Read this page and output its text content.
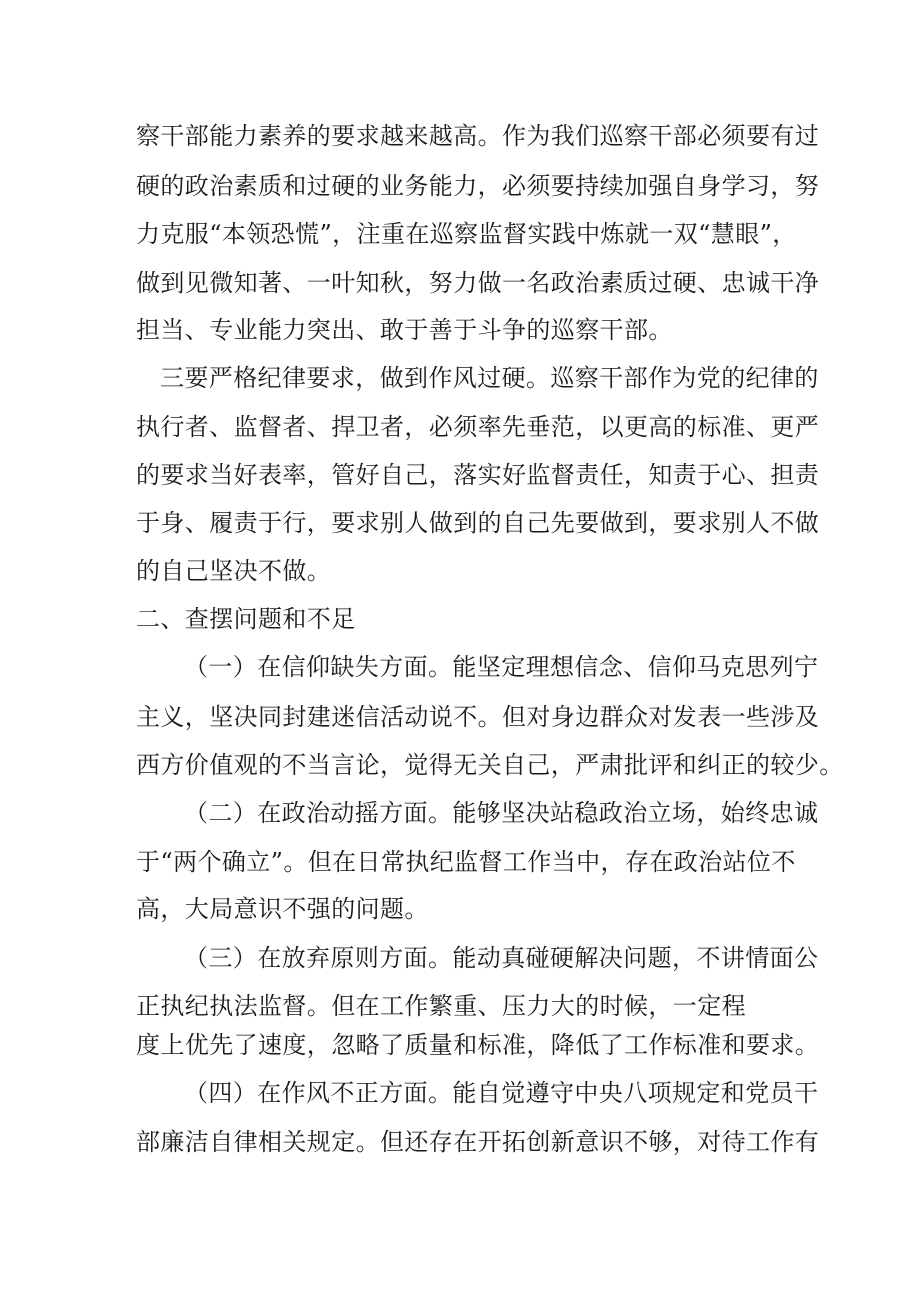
察干部能力素养的要求越来越高。作为我们巡察干部必须要有过
硬的政治素质和过硬的业务能力，必须要持续加强自身学习，努
力克服“本领恐慌”，注重在巡察监督实践中炼就一双“慧眼”，
做到见微知著、一叶知秋，努力做一名政治素质过硬、忠诚干净
担当、专业能力突出、敢于善于斗争的巡察干部。
三要严格纪律要求，做到作风过硬。巡察干部作为党的纪律的
执行者、监督者、捍卫者，必须率先垂范，以更高的标准、更严
的要求当好表率，管好自己，落实好监督责任，知责于心、担责
于身、履责于行，要求别人做到的自己先要做到，要求别人不做
的自己坚决不做。
二、查摆问题和不足
（一）在信仰缺失方面。能坚定理想信念、信仰马克思列宁
主义，坚决同封建迷信活动说不。但对身边群众对发表一些涉及
西方价值观的不当言论，觉得无关自己，严肃批评和纠正的较少。
（二）在政治动摇方面。能够坚决站稳政治立场，始终忠诚
于“两个确立”。但在日常执纪监督工作当中，存在政治站位不
高，大局意识不强的问题。
（三）在放弃原则方面。能动真碰硬解决问题，不讲情面公
正执纪执法监督。但在工作繁重、压力大的时候，一定程
度上优先了速度，忽略了质量和标准，降低了工作标准和要求。
（四）在作风不正方面。能自觉遵守中央八项规定和党员干
部廉洁自律相关规定。但还存在开拓创新意识不够，对待工作有
